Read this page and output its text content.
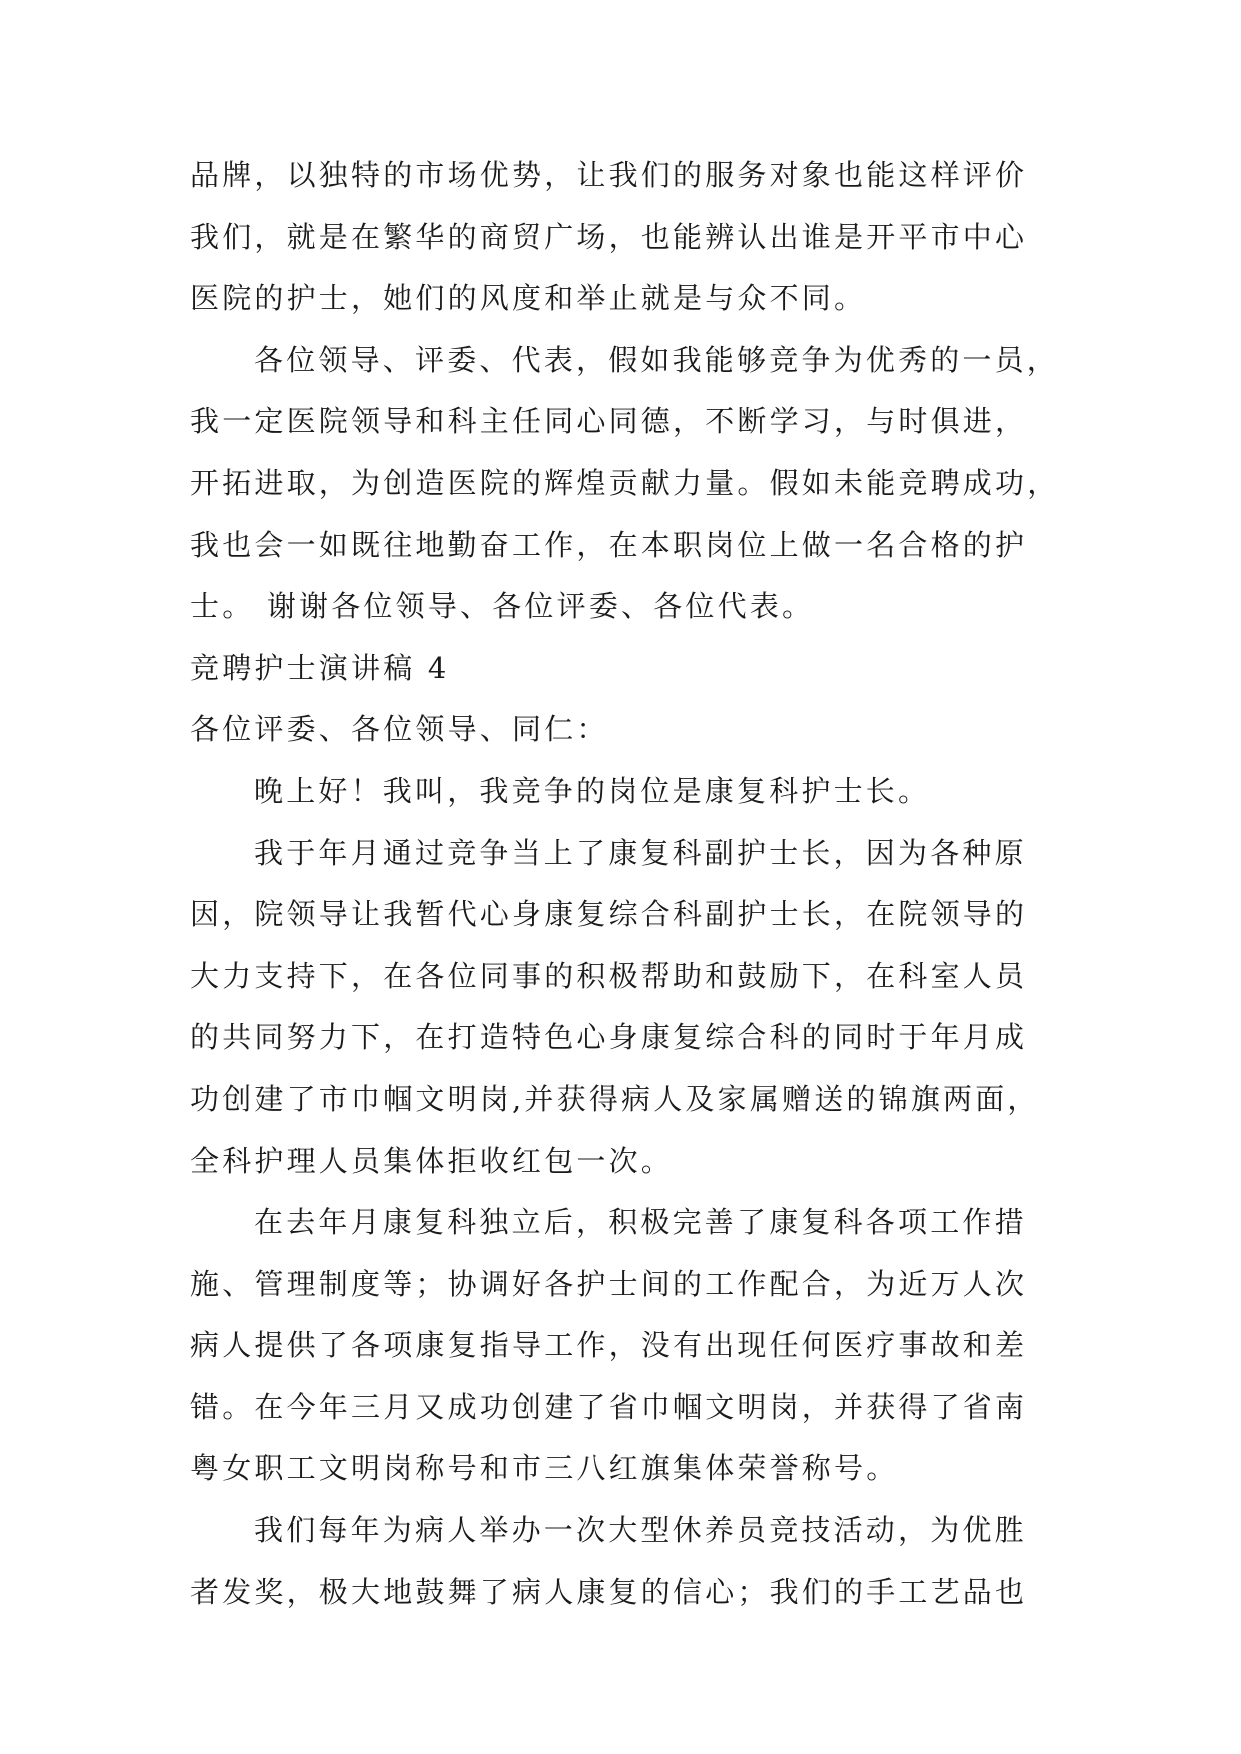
品牌，以独特的市场优势，让我们的服务对象也能这样评价
我们，就是在繁华的商贸广场，也能辨认出谁是开平市中心
医院的护士，她们的风度和举止就是与众不同。
各位领导、评委、代表，假如我能够竞争为优秀的一员，
我一定医院领导和科主任同心同德，不断学习，与时俱进，
开拓进取，为创造医院的辉煌贡献力量。假如未能竞聘成功，
我也会一如既往地勤奋工作，在本职岗位上做一名合格的护
士。 谢谢各位领导、各位评委、各位代表。
竞聘护士演讲稿 4
各位评委、各位领导、同仁：
晚上好！我叫，我竞争的岗位是康复科护士长。
我于年月通过竞争当上了康复科副护士长，因为各种原
因，院领导让我暂代心身康复综合科副护士长，在院领导的
大力支持下，在各位同事的积极帮助和鼓励下，在科室人员
的共同努力下，在打造特色心身康复综合科的同时于年月成
功创建了市巾帼文明岗,并获得病人及家属赠送的锦旗两面，
全科护理人员集体拒收红包一次。
在去年月康复科独立后，积极完善了康复科各项工作措
施、管理制度等；协调好各护士间的工作配合，为近万人次
病人提供了各项康复指导工作，没有出现任何医疗事故和差
错。在今年三月又成功创建了省巾帼文明岗，并获得了省南
粤女职工文明岗称号和市三八红旗集体荣誉称号。
我们每年为病人举办一次大型休养员竞技活动，为优胜
者发奖，极大地鼓舞了病人康复的信心；我们的手工艺品也
